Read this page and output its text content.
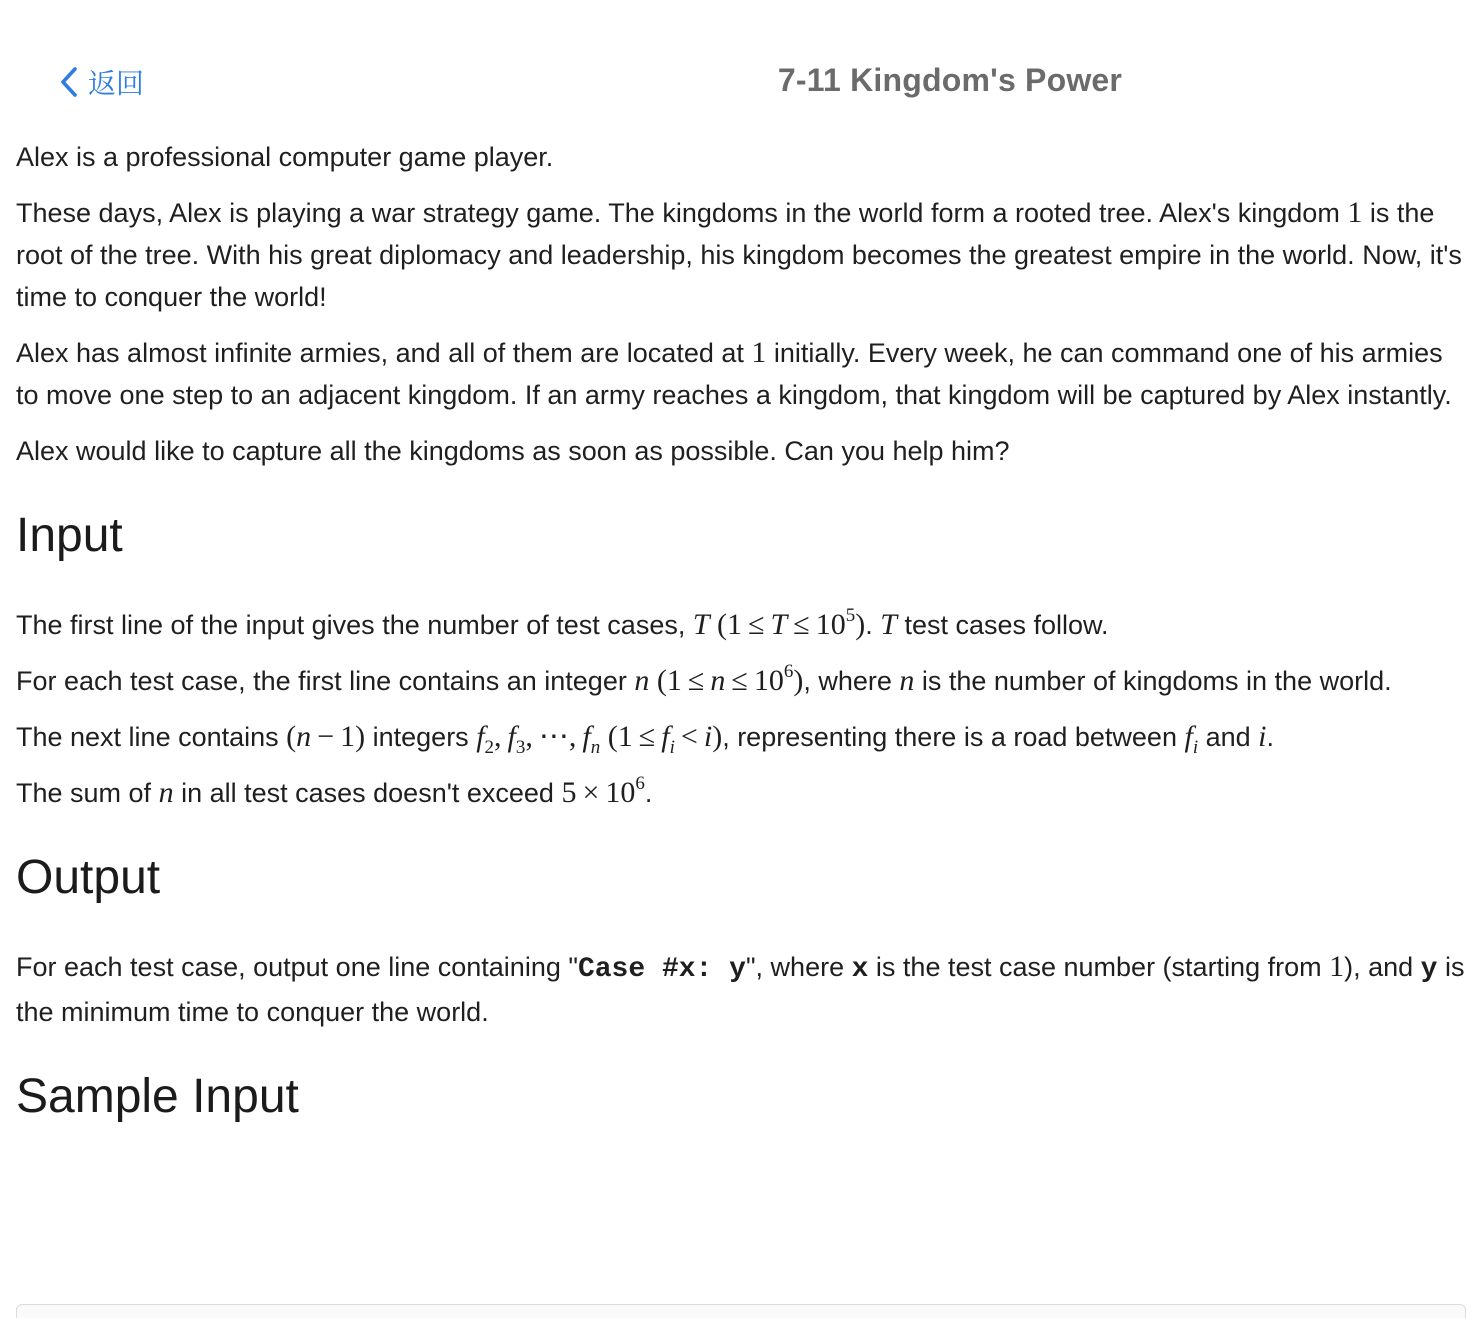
返回	7-11 Kingdom's Power

Alex is a professional computer game player.

These days, Alex is playing a war strategy game. The kingdoms in the world form a rooted tree. Alex's kingdom 1 is the root of the tree. With his great diplomacy and leadership, his kingdom becomes the greatest empire in the world. Now, it's time to conquer the world!

Alex has almost infinite armies, and all of them are located at 1 initially. Every week, he can command one of his armies to move one step to an adjacent kingdom. If an army reaches a kingdom, that kingdom will be captured by Alex instantly.

Alex would like to capture all the kingdoms as soon as possible. Can you help him?

Input

The first line of the input gives the number of test cases, T $(1 \le T \le 10^5)$. T test cases follow.

For each test case, the first line contains an integer n $(1 \le n \le 10^6)$, where n is the number of kingdoms in the world.

The next line contains (n  −  1) integers $f_2$,  $f_3$,  ⋯,  $f_n$ $(1 \le f_i < i)$, representing there is a road between $f_i$ and i.

The sum of n in all test cases doesn't exceed $5 \times 10^6$.

Output

For each test case, output one line containing "Case #x: y", where x is the test case number (starting from 1), and y is the minimum time to conquer the world.

Sample Input
